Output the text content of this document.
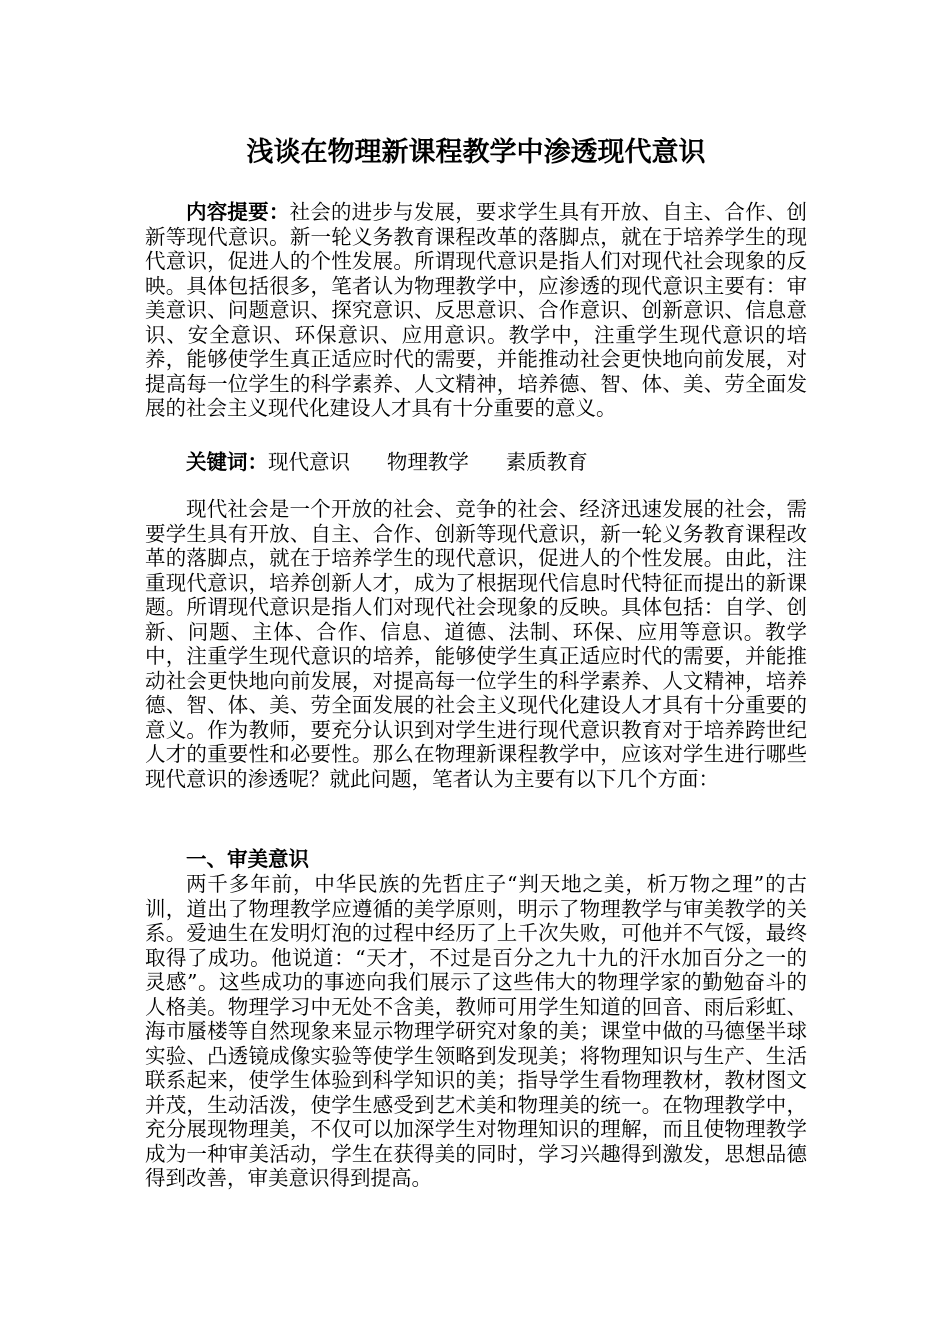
浅谈在物理新课程教学中渗透现代意识

内容提要：社会的进步与发展，要求学生具有开放、自主、合作、创新等现代意识。新一轮义务教育课程改革的落脚点，就在于培养学生的现代意识，促进人的个性发展。所谓现代意识是指人们对现代社会现象的反映。具体包括很多，笔者认为物理教学中，应渗透的现代意识主要有：审美意识、问题意识、探究意识、反思意识、合作意识、创新意识、信息意识、安全意识、环保意识、应用意识。教学中，注重学生现代意识的培养，能够使学生真正适应时代的需要，并能推动社会更快地向前发展，对提高每一位学生的科学素养、人文精神，培养德、智、体、美、劳全面发展的社会主义现代化建设人才具有十分重要的意义。

关键词：现代意识 物理教学 素质教育

现代社会是一个开放的社会、竞争的社会、经济迅速发展的社会，需要学生具有开放、自主、合作、创新等现代意识，新一轮义务教育课程改革的落脚点，就在于培养学生的现代意识，促进人的个性发展。由此，注重现代意识，培养创新人才，成为了根据现代信息时代特征而提出的新课题。所谓现代意识是指人们对现代社会现象的反映。具体包括：自学、创新、问题、主体、合作、信息、道德、法制、环保、应用等意识。教学中，注重学生现代意识的培养，能够使学生真正适应时代的需要，并能推动社会更快地向前发展，对提高每一位学生的科学素养、人文精神，培养德、智、体、美、劳全面发展的社会主义现代化建设人才具有十分重要的意义。作为教师，要充分认识到对学生进行现代意识教育对于培养跨世纪人才的重要性和必要性。那么在物理新课程教学中，应该对学生进行哪些现代意识的渗透呢？就此问题，笔者认为主要有以下几个方面：

一、审美意识

两千多年前，中华民族的先哲庄子“判天地之美，析万物之理”的古训，道出了物理教学应遵循的美学原则，明示了物理教学与审美教学的关系。爱迪生在发明灯泡的过程中经历了上千次失败，可他并不气馁，最终取得了成功。他说道：“天才，不过是百分之九十九的汗水加百分之一的灵感”。这些成功的事迹向我们展示了这些伟大的物理学家的勤勉奋斗的人格美。物理学习中无处不含美，教师可用学生知道的回音、雨后彩虹、海市蜃楼等自然现象来显示物理学研究对象的美；课堂中做的马德堡半球实验、凸透镜成像实验等使学生领略到发现美；将物理知识与生产、生活联系起来，使学生体验到科学知识的美；指导学生看物理教材，教材图文并茂，生动活泼，使学生感受到艺术美和物理美的统一。在物理教学中，充分展现物理美，不仅可以加深学生对物理知识的理解，而且使物理教学成为一种审美活动，学生在获得美的同时，学习兴趣得到激发，思想品德得到改善，审美意识得到提高。
